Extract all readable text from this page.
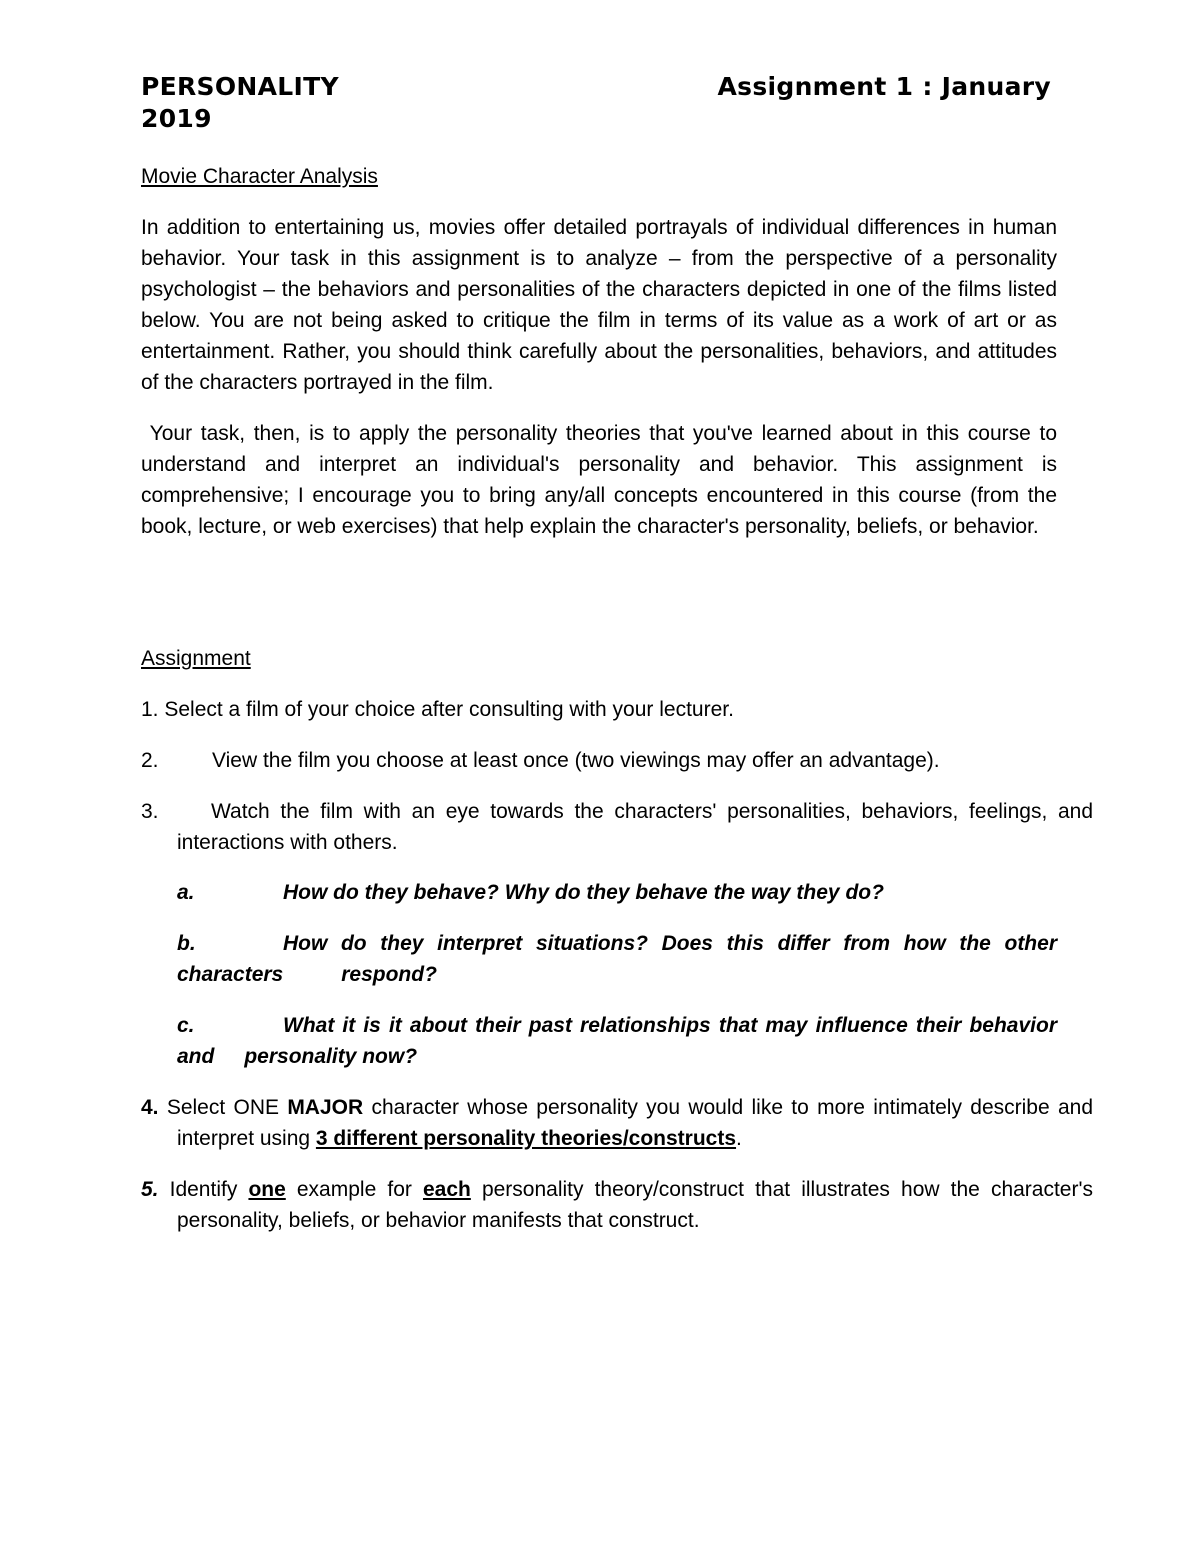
PERSONALITY	Assignment 1 : January
2019
Movie Character Analysis

In addition to entertaining us, movies offer detailed portrayals of individual differences in human behavior. Your task in this assignment is to analyze – from the perspective of a personality psychologist – the behaviors and personalities of the characters depicted in one of the films listed below. You are not being asked to critique the film in terms of its value as a work of art or as entertainment. Rather, you should think carefully about the personalities, behaviors, and attitudes of the characters portrayed in the film.

Your task, then, is to apply the personality theories that you've learned about in this course to understand and interpret an individual's personality and behavior. This assignment is comprehensive; I encourage you to bring any/all concepts encountered in this course (from the book, lecture, or web exercises) that help explain the character's personality, beliefs, or behavior.

Assignment
1. Select a film of your choice after consulting with your lecturer.
2.	View the film you choose at least once (two viewings may offer an advantage).
3.	Watch the film with an eye towards the characters' personalities, behaviors, feelings, and interactions with others.
a.	How do they behave? Why do they behave the way they do?
b.	How do they interpret situations? Does this differ from how the other characters	respond?
c.	What it is it about their past relationships that may influence their behavior and personality now?
4. Select ONE MAJOR character whose personality you would like to more intimately describe and interpret using 3 different personality theories/constructs.
5. Identify one example for each personality theory/construct that illustrates how the character's personality, beliefs, or behavior manifests that construct.
